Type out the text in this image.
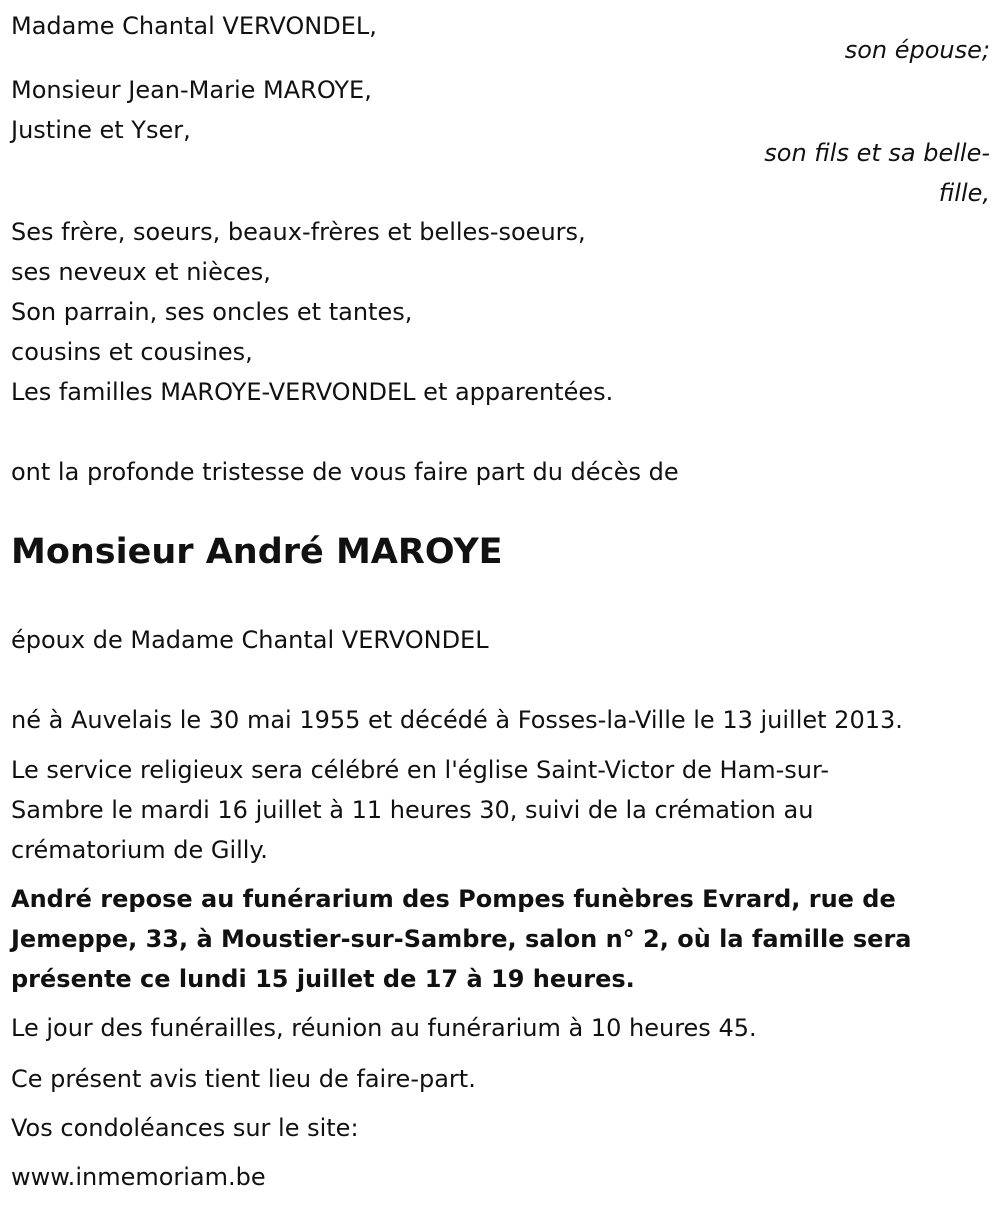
Madame Chantal VERVONDEL,
son épouse;
Monsieur Jean-Marie MAROYE,
Justine et Yser,
son fils et sa belle-
fille,
Ses frère, soeurs, beaux-frères et belles-soeurs,
ses neveux et nièces,
Son parrain, ses oncles et tantes,
cousins et cousines,
Les familles MAROYE-VERVONDEL et apparentées.
ont la profonde tristesse de vous faire part du décès de
Monsieur André MAROYE
époux de Madame Chantal VERVONDEL
né à Auvelais le 30 mai 1955 et décédé à Fosses-la-Ville le 13 juillet 2013.
Le service religieux sera célébré en l'église Saint-Victor de Ham-sur-
Sambre le mardi 16 juillet à 11 heures 30, suivi de la crémation au
crématorium de Gilly.
André repose au funérarium des Pompes funèbres Evrard, rue de
Jemeppe, 33, à Moustier-sur-Sambre, salon n° 2, où la famille sera
présente ce lundi 15 juillet de 17 à 19 heures.
Le jour des funérailles, réunion au funérarium à 10 heures 45.
Ce présent avis tient lieu de faire-part.
Vos condoléances sur le site:
www.inmemoriam.be
